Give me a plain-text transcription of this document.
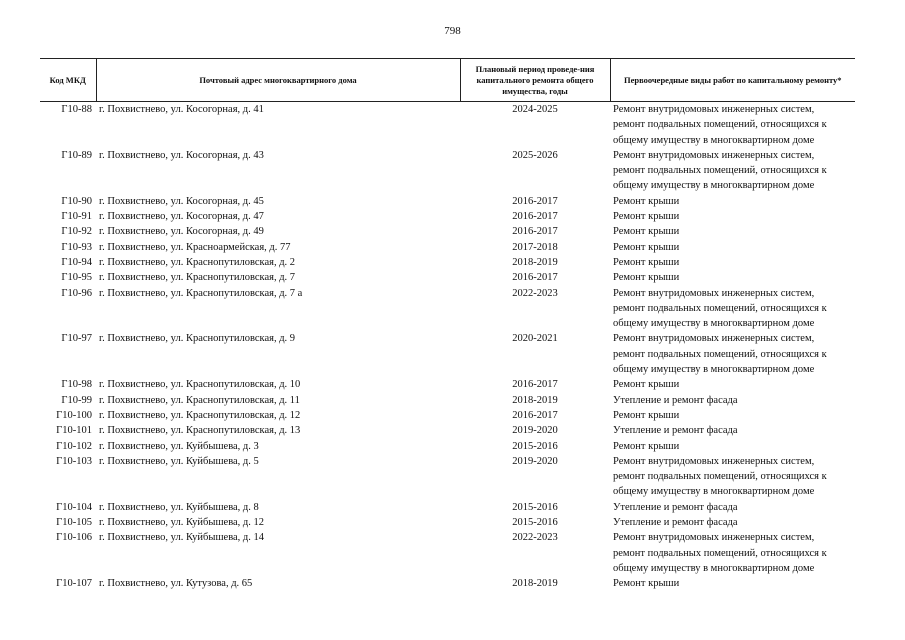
798
Код МКД	Почтовый адрес многоквартирного дома	Плановый период проведе-ния капитального ремонта общего имущества, годы	Первоочередные виды работ по капитальному ремонту*
Г10-88	г. Похвистнево, ул. Косогорная, д. 41	2024-2025	Ремонт внутридомовых инженерных систем,
ремонт подвальных помещений, относящихся к
общему имуществу в многоквартирном доме

Г10-89	г. Похвистнево, ул. Косогорная, д. 43	2025-2026	Ремонт внутридомовых инженерных систем,
ремонт подвальных помещений, относящихся к
общему имуществу в многоквартирном доме

Г10-90	г. Похвистнево, ул. Косогорная, д. 45	2016-2017	Ремонт крыши

Г10-91	г. Похвистнево, ул. Косогорная, д. 47	2016-2017	Ремонт крыши

Г10-92	г. Похвистнево, ул. Косогорная, д. 49	2016-2017	Ремонт крыши

Г10-93	г. Похвистнево, ул. Красноармейская, д. 77	2017-2018	Ремонт крыши

Г10-94	г. Похвистнево, ул. Краснопутиловская, д. 2	2018-2019	Ремонт крыши

Г10-95	г. Похвистнево, ул. Краснопутиловская, д. 7	2016-2017	Ремонт крыши

Г10-96	г. Похвистнево, ул. Краснопутиловская, д. 7 а	2022-2023	Ремонт внутридомовых инженерных систем,
ремонт подвальных помещений, относящихся к
общему имуществу в многоквартирном доме

Г10-97	г. Похвистнево, ул. Краснопутиловская, д. 9	2020-2021	Ремонт внутридомовых инженерных систем,
ремонт подвальных помещений, относящихся к
общему имуществу в многоквартирном доме

Г10-98	г. Похвистнево, ул. Краснопутиловская, д. 10	2016-2017	Ремонт крыши

Г10-99	г. Похвистнево, ул. Краснопутиловская, д. 11	2018-2019	Утепление и ремонт фасада

Г10-100	г. Похвистнево, ул. Краснопутиловская, д. 12	2016-2017	Ремонт крыши

Г10-101	г. Похвистнево, ул. Краснопутиловская, д. 13	2019-2020	Утепление и ремонт фасада

Г10-102	г. Похвистнево, ул. Куйбышева, д. 3	2015-2016	Ремонт крыши

Г10-103	г. Похвистнево, ул. Куйбышева, д. 5	2019-2020	Ремонт внутридомовых инженерных систем,
ремонт подвальных помещений, относящихся к
общему имуществу в многоквартирном доме

Г10-104	г. Похвистнево, ул. Куйбышева, д. 8	2015-2016	Утепление и ремонт фасада

Г10-105	г. Похвистнево, ул. Куйбышева, д. 12	2015-2016	Утепление и ремонт фасада

Г10-106	г. Похвистнево, ул. Куйбышева, д. 14	2022-2023	Ремонт внутридомовых инженерных систем,
ремонт подвальных помещений, относящихся к
общему имуществу в многоквартирном доме

Г10-107	г. Похвистнево, ул. Кутузова, д. 65	2018-2019	Ремонт крыши
